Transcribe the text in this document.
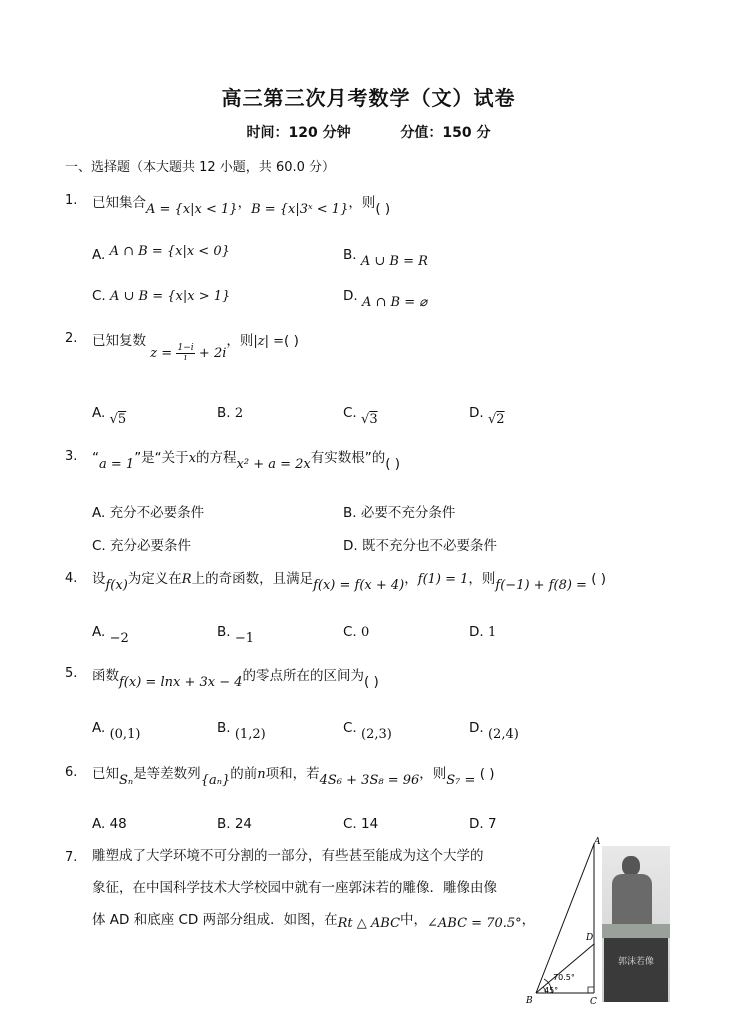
高三第三次月考数学（文）试卷
时间：120 分钟	分值：150 分
一、选择题（本大题共 12 小题，共 60.0 分）
1. 已知集合A = {x|x < 1}，B = {x|3ˣ < 1}，则( )
A. A ∩ B = {x|x < 0}	B. A ∪ B = R
C. A ∪ B = {x|x > 1}	D. A ∩ B = ⌀
2. 已知复数 $z = \frac{1-i}{i} + 2i$，则|z| =( )
A. √5	B. 2	C. √3	D. √2
3. “a = 1”是“关于x的方程x² + a = 2x有实数根”的( )
A. 充分不必要条件	B. 必要不充分条件
C. 充分必要条件	D. 既不充分也不必要条件
4. 设f(x)为定义在R上的奇函数，且满足f(x) = f(x + 4)，f(1) = 1，则f(−1) + f(8) = ( )
A. −2	B. −1	C. 0	D. 1
5. 函数f(x) = lnx + 3x − 4的零点所在的区间为( )
A. (0,1)	B. (1,2)	C. (2,3)	D. (2,4)
6. 已知Sₙ是等差数列{aₙ}的前n项和，若4S₆ + 3S₈ = 96，则S₇ = ( )
A. 48	B. 24	C. 14	D. 7
7. 雕塑成了大学环境不可分割的一部分，有些甚至能成为这个大学的
象征，在中国科学技术大学校园中就有一座郭沫若的雕像．雕像由像
体 AD 和底座 CD 两部分组成．如图，在Rt △ ABC中，∠ABC = 70.5°，
A
D
B	C
70.5°
45°
郭沫若像
